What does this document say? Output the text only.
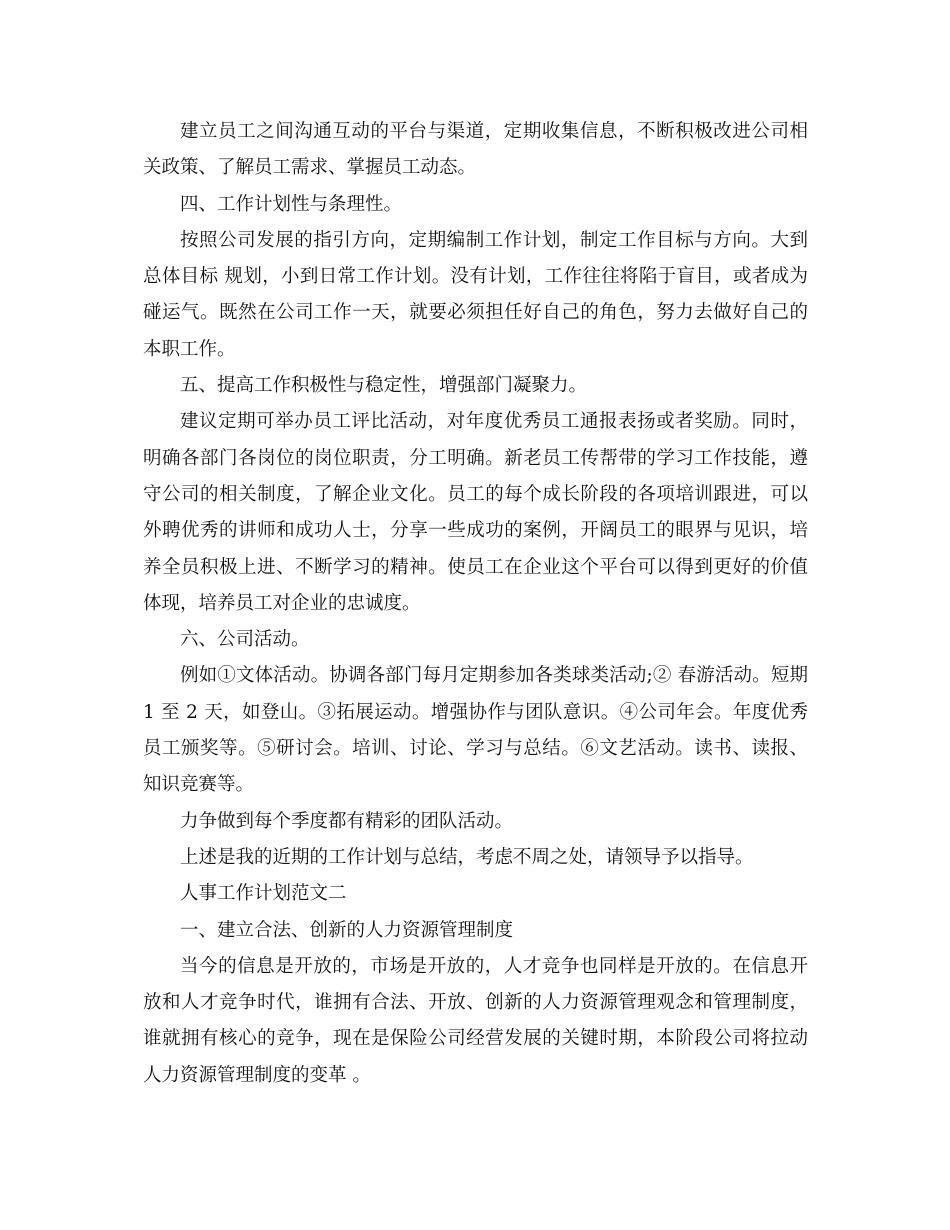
建立员工之间沟通互动的平台与渠道，定期收集信息，不断积极改进公司相关政策、了解员工需求、掌握员工动态。

四、工作计划性与条理性。

按照公司发展的指引方向，定期编制工作计划，制定工作目标与方向。大到总体目标 规划，小到日常工作计划。没有计划，工作往往将陷于盲目，或者成为碰运气。既然在公司工作一天，就要必须担任好自己的角色，努力去做好自己的本职工作。

五、提高工作积极性与稳定性，增强部门凝聚力。

建议定期可举办员工评比活动，对年度优秀员工通报表扬或者奖励。同时，明确各部门各岗位的岗位职责，分工明确。新老员工传帮带的学习工作技能，遵守公司的相关制度，了解企业文化。员工的每个成长阶段的各项培训跟进，可以外聘优秀的讲师和成功人士，分享一些成功的案例，开阔员工的眼界与见识，培养全员积极上进、不断学习的精神。使员工在企业这个平台可以得到更好的价值体现，培养员工对企业的忠诚度。

六、公司活动。

例如①文体活动。协调各部门每月定期参加各类球类活动;② 春游活动。短期 1 至 2 天，如登山。③拓展运动。增强协作与团队意识。④公司年会。年度优秀员工颁奖等。⑤研讨会。培训、讨论、学习与总结。⑥文艺活动。读书、读报、知识竞赛等。

力争做到每个季度都有精彩的团队活动。

上述是我的近期的工作计划与总结，考虑不周之处，请领导予以指导。

人事工作计划范文二

一、建立合法、创新的人力资源管理制度

当今的信息是开放的，市场是开放的，人才竞争也同样是开放的。在信息开放和人才竞争时代，谁拥有合法、开放、创新的人力资源管理观念和管理制度，谁就拥有核心的竞争，现在是保险公司经营发展的关键时期，本阶段公司将拉动人力资源管理制度的变革 。
